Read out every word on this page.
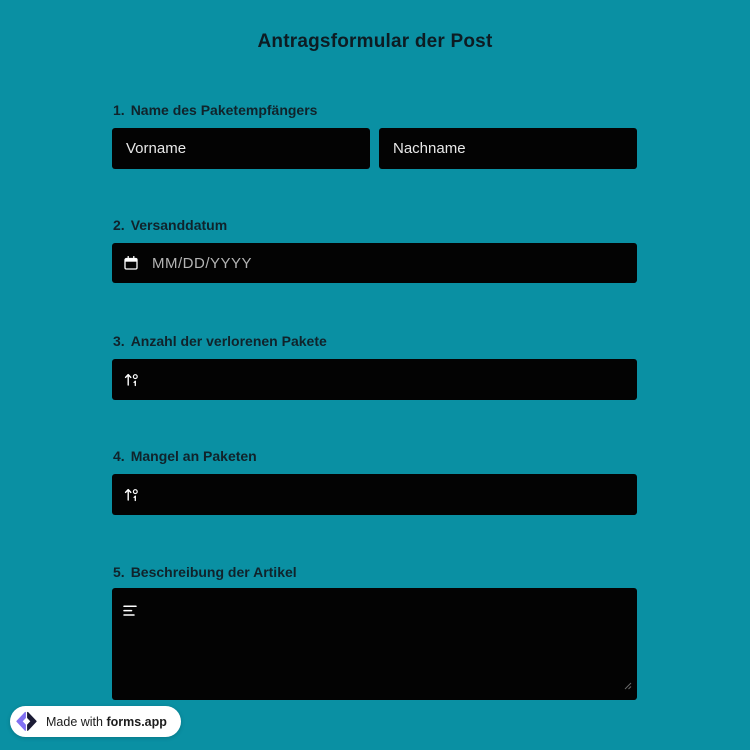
Antragsformular der Post
1. Name des Paketempfängers
Vorname
Nachname
2. Versanddatum
MM/DD/YYYY
3. Anzahl der verlorenen Pakete
4. Mangel an Paketen
5. Beschreibung der Artikel
Made with forms.app
